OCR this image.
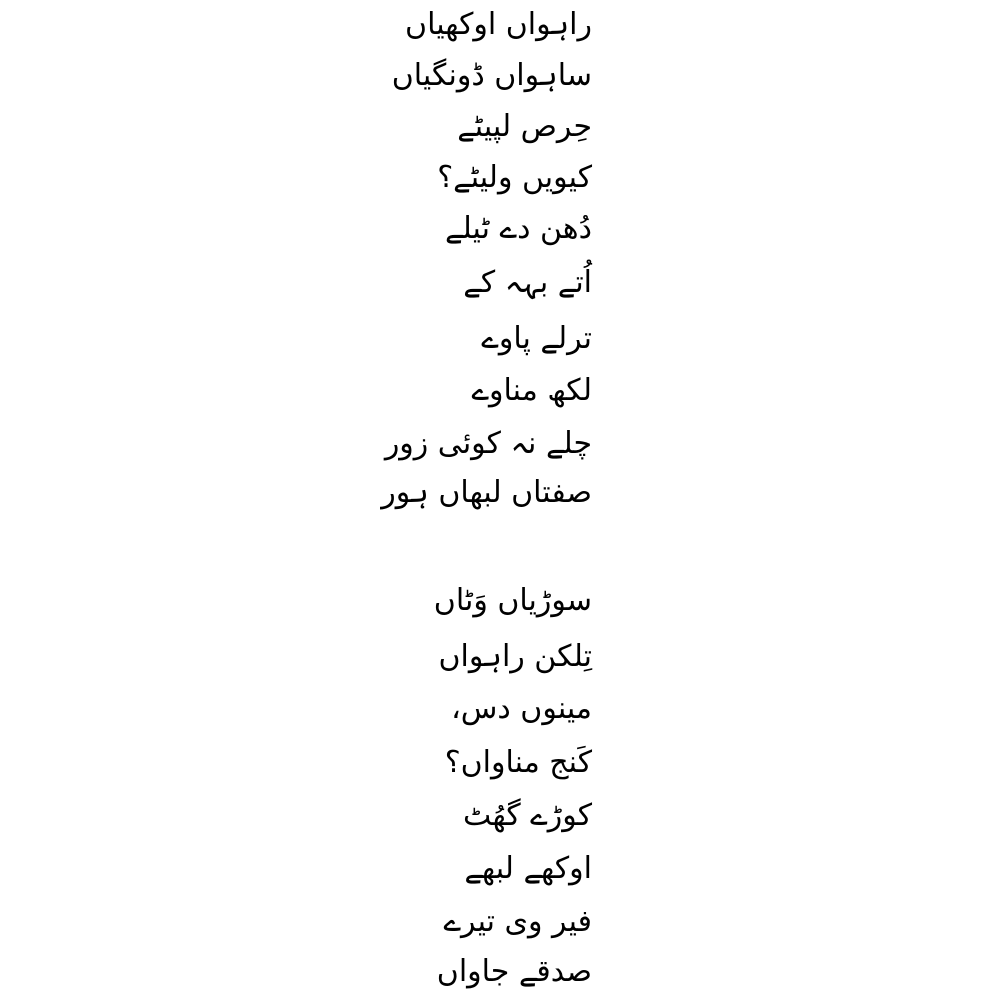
راہواں اوکھیاں

ساہواں ڈونگیاں

حِرص لپیٹے

کیویں ولیٹے؟

دُھن دے ٹیلے

اُتے بہہ کے

ترلے پاوے

لکھ مناوے

چلے نہ کوئی زور

صفتاں لبھاں ہور

سوڑیاں وَٹاں

تِلکن راہواں

مینوں دس،

کَنج مناواں؟

کوڑے گھُٹ

اوکھے لبھے

فیر وی تیرے

صدقے جاواں
